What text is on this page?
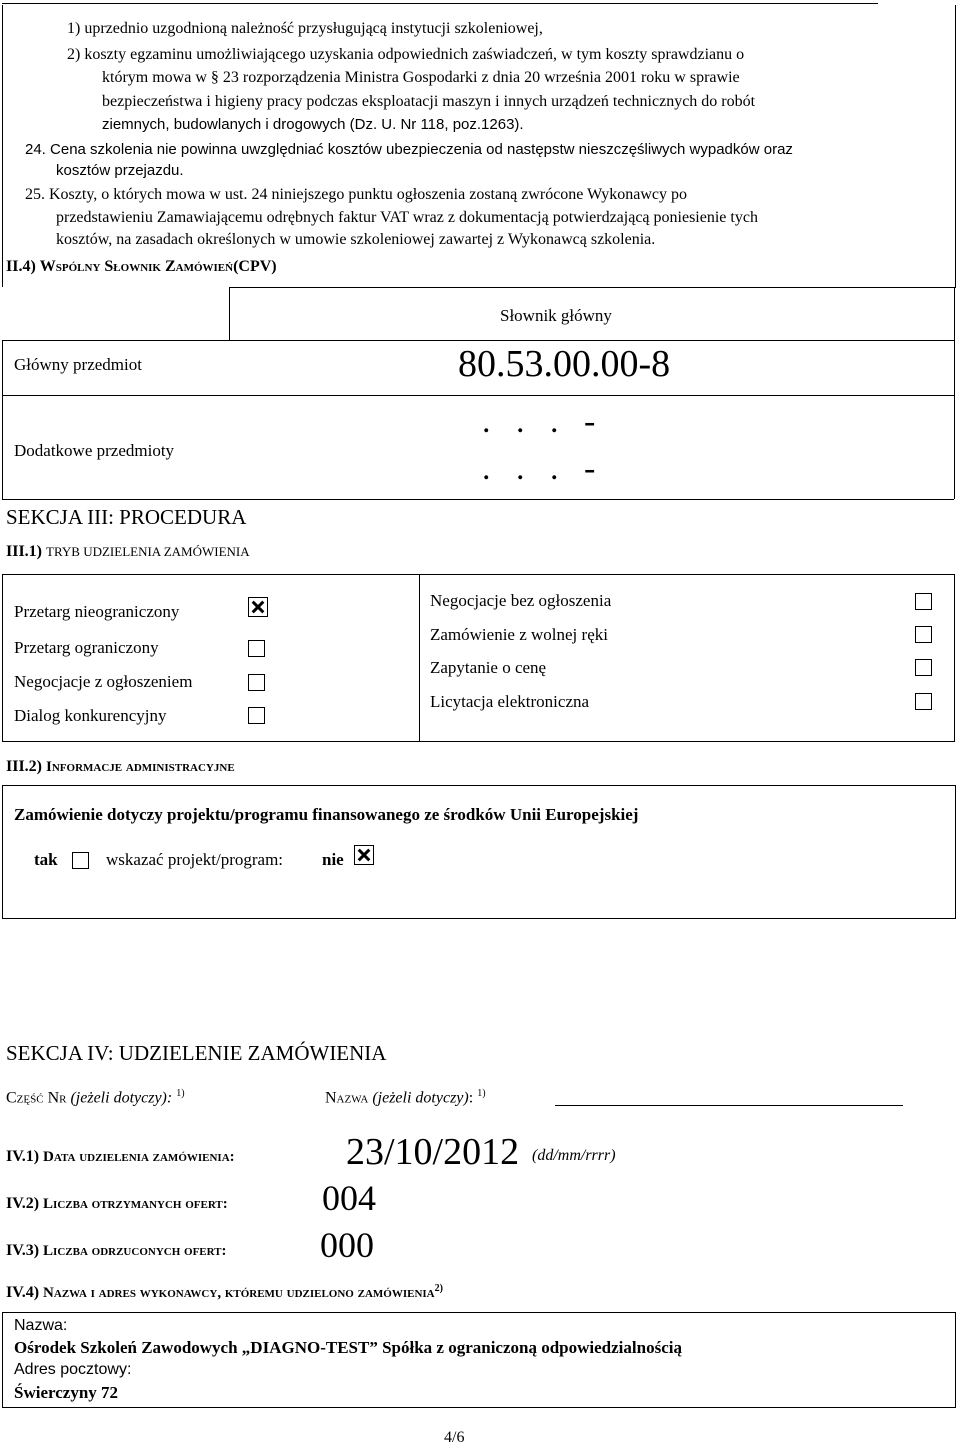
1) uprzednio uzgodnioną należność przysługującą instytucji szkoleniowej,
2) koszty egzaminu umożliwiającego uzyskania odpowiednich zaświadczeń, w tym koszty sprawdzianu o
którym mowa w § 23 rozporządzenia Ministra Gospodarki z dnia 20 września 2001 roku w sprawie
bezpieczeństwa i higieny pracy podczas eksploatacji maszyn i innych urządzeń technicznych do robót
ziemnych, budowlanych i drogowych (Dz. U. Nr 118, poz.1263).
24. Cena szkolenia nie powinna uwzględniać kosztów ubezpieczenia od następstw nieszczęśliwych wypadków oraz
kosztów przejazdu.
25. Koszty, o których mowa w ust. 24 niniejszego punktu ogłoszenia zostaną zwrócone Wykonawcy po
przedstawieniu Zamawiającemu odrębnych faktur VAT wraz z dokumentacją potwierdzającą poniesienie tych
kosztów, na zasadach określonych w umowie szkoleniowej zawartej z Wykonawcą szkolenia.
II.4) Wspólny Słownik Zamówień(CPV)
Słownik główny
Główny przedmiot	80.53.00.00-8
Dodatkowe przedmioty
.   .   .   -
.   .   .   -
SEKCJA III: PROCEDURA
III.1) TRYB UDZIELENIA ZAMÓWIENIA
Przetarg nieograniczony
Przetarg ograniczony
Negocjacje z ogłoszeniem
Dialog konkurencyjny
Negocjacje bez ogłoszenia
Zamówienie z wolnej ręki
Zapytanie o cenę
Licytacja elektroniczna
III.2) Informacje administracyjne
Zamówienie dotyczy projektu/programu finansowanego ze środków Unii Europejskiej
tak	wskazać projekt/program: nie
SEKCJA IV: UDZIELENIE ZAMÓWIENIA
Część Nr (jeżeli dotyczy): $^{1)}$	Nazwa (jeżeli dotyczy): $^{1)}$
IV.1) Data udzielenia zamówienia:	23/10/2012 (dd/mm/rrrr)
IV.2) Liczba otrzymanych ofert:	004
IV.3) Liczba odrzuconych ofert:	000
IV.4) Nazwa i adres wykonawcy, któremu udzielono zamówienia$^{2)}$
Nazwa:
Ośrodek Szkoleń Zawodowych „DIAGNO-TEST” Spółka z ograniczoną odpowiedzialnością
Adres pocztowy:
Świerczyny 72
4/6
